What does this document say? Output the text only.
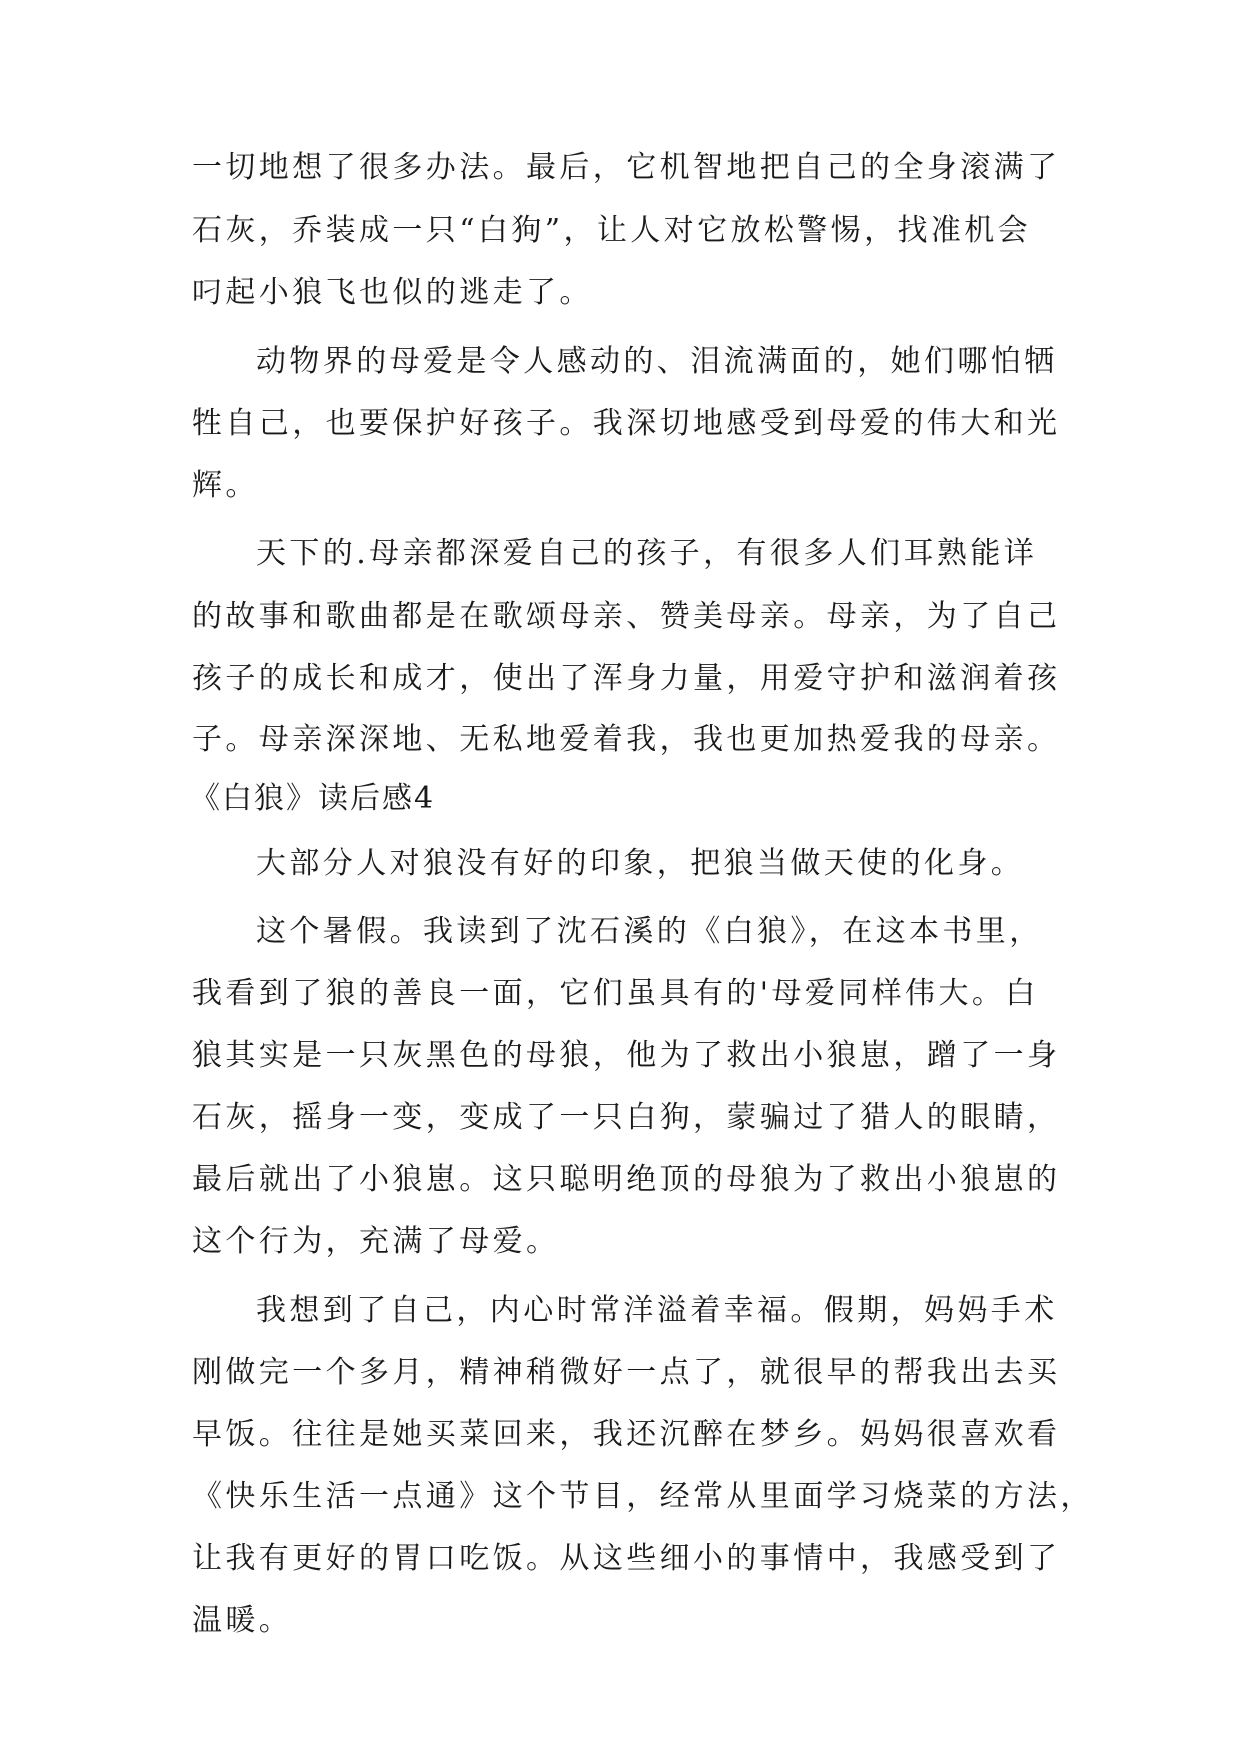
一切地想了很多办法。最后，它机智地把自己的全身滚满了
石灰，乔装成一只“白狗”，让人对它放松警惕，找准机会
叼起小狼飞也似的逃走了。
动物界的母爱是令人感动的、泪流满面的，她们哪怕牺
牲自己，也要保护好孩子。我深切地感受到母爱的伟大和光
辉。
天下的.母亲都深爱自己的孩子，有很多人们耳熟能详
的故事和歌曲都是在歌颂母亲、赞美母亲。母亲，为了自己
孩子的成长和成才，使出了浑身力量，用爱守护和滋润着孩
子。母亲深深地、无私地爱着我，我也更加热爱我的母亲。
《白狼》读后感4
大部分人对狼没有好的印象，把狼当做天使的化身。
这个暑假。我读到了沈石溪的《白狼》，在这本书里，
我看到了狼的善良一面，它们虽具有的'母爱同样伟大。白
狼其实是一只灰黑色的母狼，他为了救出小狼崽，蹭了一身
石灰，摇身一变，变成了一只白狗，蒙骗过了猎人的眼睛，
最后就出了小狼崽。这只聪明绝顶的母狼为了救出小狼崽的
这个行为，充满了母爱。
我想到了自己，内心时常洋溢着幸福。假期，妈妈手术
刚做完一个多月，精神稍微好一点了，就很早的帮我出去买
早饭。往往是她买菜回来，我还沉醉在梦乡。妈妈很喜欢看
《快乐生活一点通》这个节目，经常从里面学习烧菜的方法，
让我有更好的胃口吃饭。从这些细小的事情中，我感受到了
温暖。
